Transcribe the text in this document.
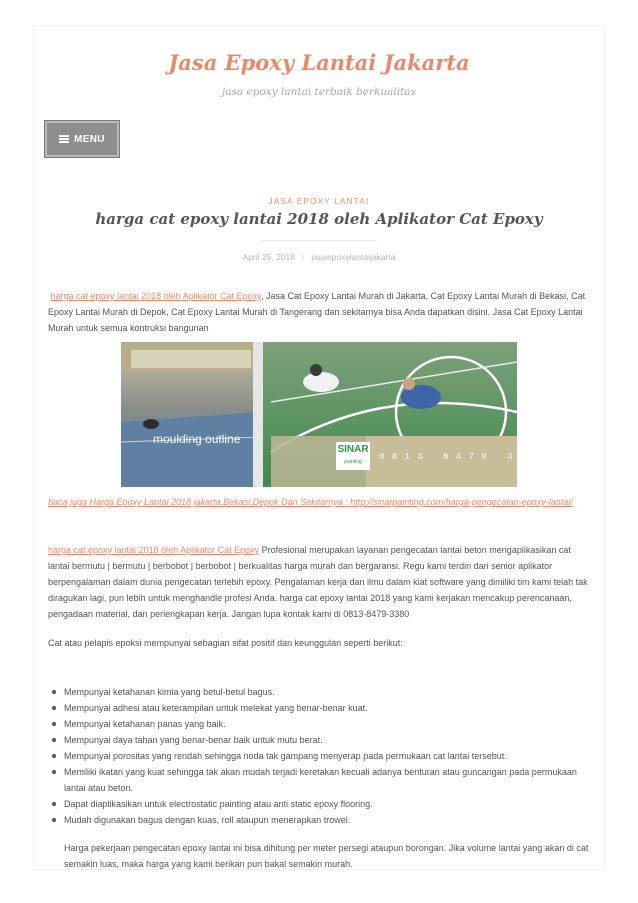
Jasa Epoxy Lantai Jakarta
jasa epoxy lantai terbaik berkualitas
MENU
JASA EPOXY LANTAI
harga cat epoxy lantai 2018 oleh Aplikator Cat Epoxy
April 25, 2018 / jasaepoxylantaijakarta

harga cat epoxy lantai 2018 oleh Aplikator Cat Epoxy, Jasa Cat Epoxy Lantai Murah di Jakarta, Cat Epoxy Lantai Murah di Bekasi, Cat Epoxy Lantai Murah di Depok, Cat Epoxy Lantai Murah di Tangerang dan sekitarnya bisa Anda dapatkan disini. Jasa Cat Epoxy Lantai Murah untuk semua kontruksi bangunan

moulding outline
SINAR
painting	0 8 1 3   8 4 7 9   3 3 8 0

baca juga Harga Epoxy Lantai 2018 jakarta,Bekasi,Depok Dan Sekitarnya : http://sinarpainting.com/harga-pengecatan-epoxy-lantai/

harga cat epoxy lantai 2018 oleh Aplikator Cat Epoxy Profesional merupakan layanan pengecatan lantai beton mengaplikasikan cat lantai bermutu | bermutu | berbobot | berbobot | berkualitas harga murah dan bergaransi. Regu kami terdiri dari senior aplikator berpengalaman dalam dunia pengecatan terlebih epoxy. Pengalaman kerja dan ilmu dalam kiat software yang dimiliki tim kami telah tak diragukan lagi, pun lebih untuk menghandle profesi Anda. harga cat epoxy lantai 2018 yang kami kerjakan mencakup perencanaan, pengadaan material, dan perlengkapan kerja. Jangan lupa kontak kami di 0813-8479-3380

Cat atau pelapis epoksi mempunyai sebagian sifat positif dan keunggulan seperti berikut:

Mempunyai ketahanan kimia yang betul-betul bagus.
Mempunyai adhesi atau keterampilan untuk melekat yang benar-benar kuat.
Mempunyai ketahanan panas yang baik.
Mempunyai daya tahan yang benar-benar baik untuk mutu berat.
Mempunyai porositas yang rendah sehingga noda tak gampang menyerap pada permukaan cat lantai tersebut.
Memiliki ikatan yang kuat sehingga tak akan mudah terjadi keretakan kecuali adanya benturan atau guncangan pada permukaan lantai atau beton.
Dapat diaplikasikan untuk electrostatic painting atau anti static epoxy flooring.
Mudah digunakan bagus dengan kuas, roll ataupun menerapkan trowel.

Harga pekerjaan pengecatan epoxy lantai ini bisa dihitung per meter persegi ataupun borongan. Jika volume lantai yang akan di cat semakin luas, maka harga yang kami berikan pun bakal semakin murah.
